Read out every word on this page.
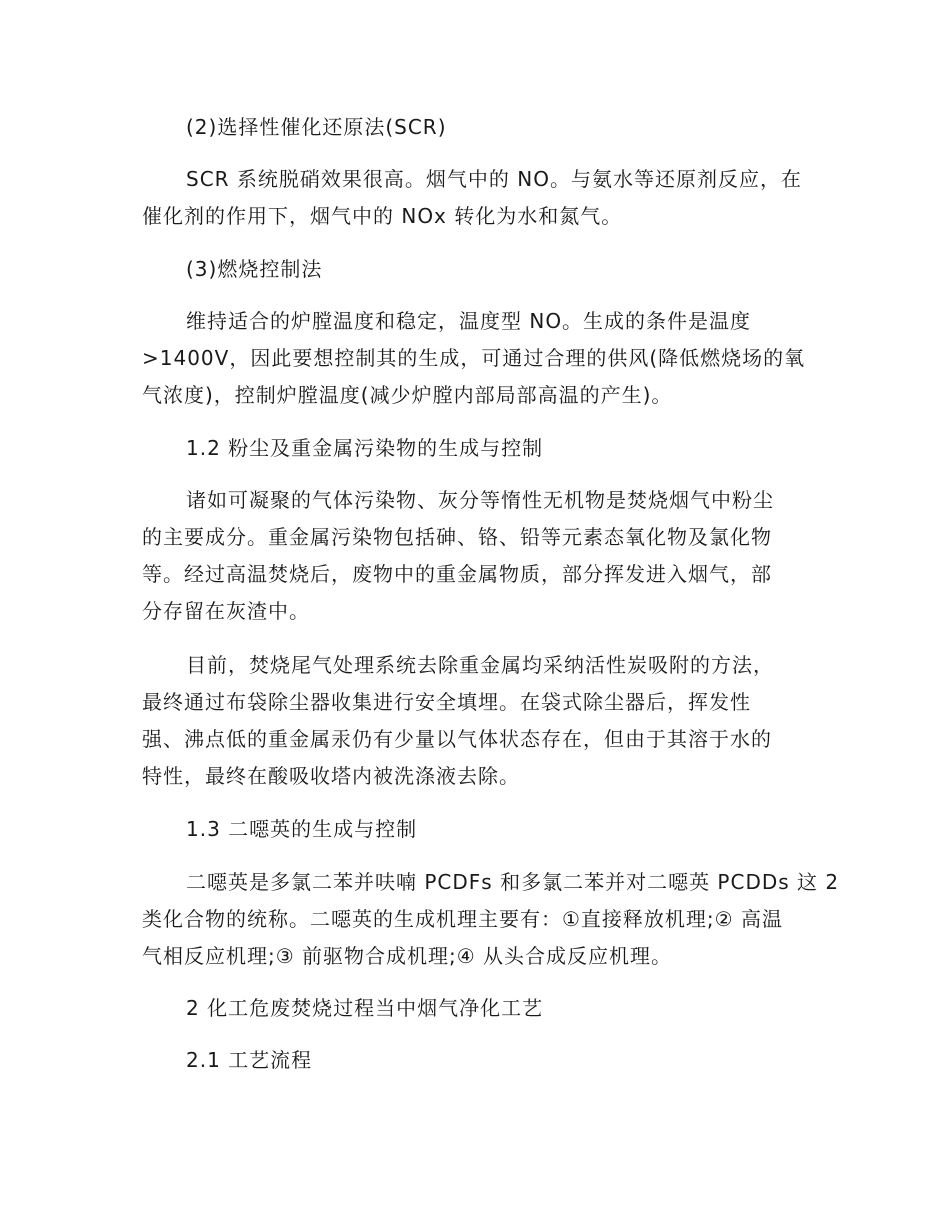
(2)选择性催化还原法(SCR)
SCR 系统脱硝效果很高。烟气中的 NO。与氨水等还原剂反应，在
催化剂的作用下，烟气中的 NOx 转化为水和氮气。
(3)燃烧控制法
维持适合的炉膛温度和稳定，温度型 NO。生成的条件是温度
>1400V，因此要想控制其的生成，可通过合理的供风(降低燃烧场的氧
气浓度)，控制炉膛温度(减少炉膛内部局部高温的产生)。
1.2 粉尘及重金属污染物的生成与控制
诸如可凝聚的气体污染物、灰分等惰性无机物是焚烧烟气中粉尘
的主要成分。重金属污染物包括砷、铬、铅等元素态氧化物及氯化物
等。经过高温焚烧后，废物中的重金属物质，部分挥发进入烟气，部
分存留在灰渣中。
目前，焚烧尾气处理系统去除重金属均采纳活性炭吸附的方法，
最终通过布袋除尘器收集进行安全填埋。在袋式除尘器后，挥发性
强、沸点低的重金属汞仍有少量以气体状态存在，但由于其溶于水的
特性，最终在酸吸收塔内被洗涤液去除。
1.3 二噁英的生成与控制
二噁英是多氯二苯并呋喃 PCDFs 和多氯二苯并对二噁英 PCDDs 这 2
类化合物的统称。二噁英的生成机理主要有：①直接释放机理;② 高温
气相反应机理;③ 前驱物合成机理;④ 从头合成反应机理。
2 化工危废焚烧过程当中烟气净化工艺
2.1 工艺流程
